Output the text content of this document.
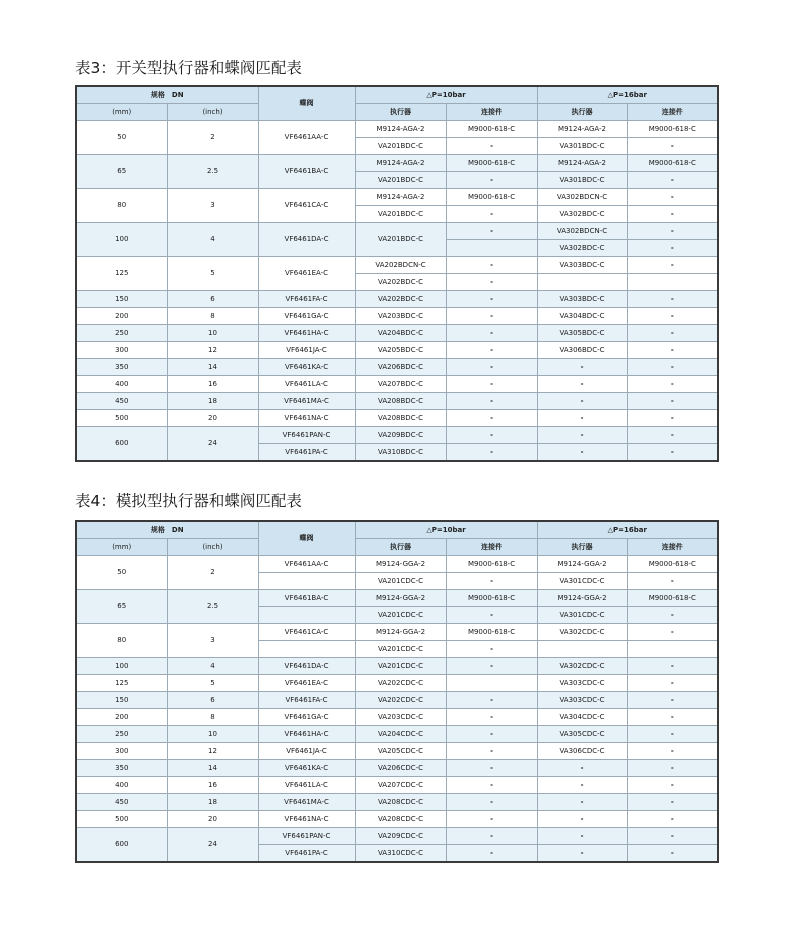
表3：开关型执行器和蝶阀匹配表
规格　DN		蝶阀	△P=10bar		△P=16bar	
(mm)	(inch)		执行器	连接件	执行器	连接件
50	2	VF6461AA-C	M9124-AGA-2	M9000-618-C	M9124-AGA-2	M9000-618-C
			VA201BDC-C	-	VA301BDC-C	-
65	2.5	VF6461BA-C	M9124-AGA-2	M9000-618-C	M9124-AGA-2	M9000-618-C
			VA201BDC-C	-	VA301BDC-C	-
80	3	VF6461CA-C	M9124-AGA-2	M9000-618-C	VA302BDCN-C	-
			VA201BDC-C	-	VA302BDC-C	-
100	4	VF6461DA-C	VA201BDC-C	-	VA302BDCN-C	-
					VA302BDC-C	-
125	5	VF6461EA-C	VA202BDCN-C	-	VA303BDC-C	-
			VA202BDC-C	-		
150	6	VF6461FA-C	VA202BDC-C	-	VA303BDC-C	-
200	8	VF6461GA-C	VA203BDC-C	-	VA304BDC-C	-
250	10	VF6461HA-C	VA204BDC-C	-	VA305BDC-C	-
300	12	VF6461JA-C	VA205BDC-C	-	VA306BDC-C	-
350	14	VF6461KA-C	VA206BDC-C	-	-	-
400	16	VF6461LA-C	VA207BDC-C	-	-	-
450	18	VF6461MA-C	VA208BDC-C	-	-	-
500	20	VF6461NA-C	VA208BDC-C	-	-	-
600	24	VF6461PAN-C	VA209BDC-C	-	-	-
		VF6461PA-C	VA310BDC-C	-	-	-
表4：模拟型执行器和蝶阀匹配表
规格　DN		蝶阀	△P=10bar		△P=16bar	
(mm)	(inch)		执行器	连接件	执行器	连接件
50	2	VF6461AA-C	M9124-GGA-2	M9000-618-C	M9124-GGA-2	M9000-618-C
			VA201CDC-C	-	VA301CDC-C	-
65	2.5	VF6461BA-C	M9124-GGA-2	M9000-618-C	M9124-GGA-2	M9000-618-C
			VA201CDC-C	-	VA301CDC-C	-
80	3	VF6461CA-C	M9124-GGA-2	M9000-618-C	VA302CDC-C	-
			VA201CDC-C	-		
100	4	VF6461DA-C	VA201CDC-C	-	VA302CDC-C	-
125	5	VF6461EA-C	VA202CDC-C		VA303CDC-C	-
150	6	VF6461FA-C	VA202CDC-C	-	VA303CDC-C	-
200	8	VF6461GA-C	VA203CDC-C	-	VA304CDC-C	-
250	10	VF6461HA-C	VA204CDC-C	-	VA305CDC-C	-
300	12	VF6461JA-C	VA205CDC-C	-	VA306CDC-C	-
350	14	VF6461KA-C	VA206CDC-C	-	-	-
400	16	VF6461LA-C	VA207CDC-C	-	-	-
450	18	VF6461MA-C	VA208CDC-C	-	-	-
500	20	VF6461NA-C	VA208CDC-C	-	-	-
600	24	VF6461PAN-C	VA209CDC-C	-	-	-
		VF6461PA-C	VA310CDC-C	-	-	-
